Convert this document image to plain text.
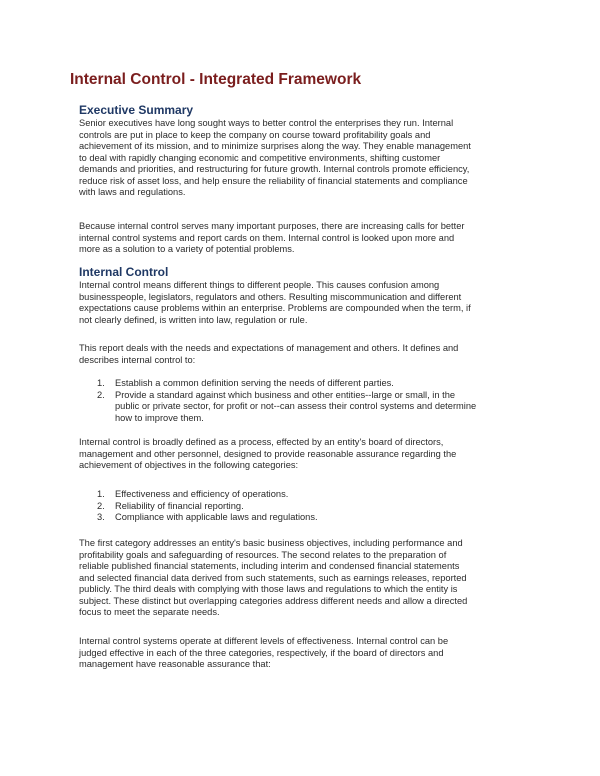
Internal Control - Integrated Framework
Executive Summary
Senior executives have long sought ways to better control the enterprises they run. Internal
controls are put in place to keep the company on course toward profitability goals and
achievement of its mission, and to minimize surprises along the way. They enable management
to deal with rapidly changing economic and competitive environments, shifting customer
demands and priorities, and restructuring for future growth. Internal controls promote efficiency,
reduce risk of asset loss, and help ensure the reliability of financial statements and compliance
with laws and regulations.
Because internal control serves many important purposes, there are increasing calls for better
internal control systems and report cards on them. Internal control is looked upon more and
more as a solution to a variety of potential problems.
Internal Control
Internal control means different things to different people. This causes confusion among
businesspeople, legislators, regulators and others. Resulting miscommunication and different
expectations cause problems within an enterprise. Problems are compounded when the term, if
not clearly defined, is written into law, regulation or rule.
This report deals with the needs and expectations of management and others. It defines and
describes internal control to:
1. Establish a common definition serving the needs of different parties.
2. Provide a standard against which business and other entities--large or small, in the
public or private sector, for profit or not--can assess their control systems and determine
how to improve them.
Internal control is broadly defined as a process, effected by an entity's board of directors,
management and other personnel, designed to provide reasonable assurance regarding the
achievement of objectives in the following categories:
1. Effectiveness and efficiency of operations.
2. Reliability of financial reporting.
3. Compliance with applicable laws and regulations.
The first category addresses an entity's basic business objectives, including performance and
profitability goals and safeguarding of resources. The second relates to the preparation of
reliable published financial statements, including interim and condensed financial statements
and selected financial data derived from such statements, such as earnings releases, reported
publicly. The third deals with complying with those laws and regulations to which the entity is
subject. These distinct but overlapping categories address different needs and allow a directed
focus to meet the separate needs.
Internal control systems operate at different levels of effectiveness. Internal control can be
judged effective in each of the three categories, respectively, if the board of directors and
management have reasonable assurance that:
